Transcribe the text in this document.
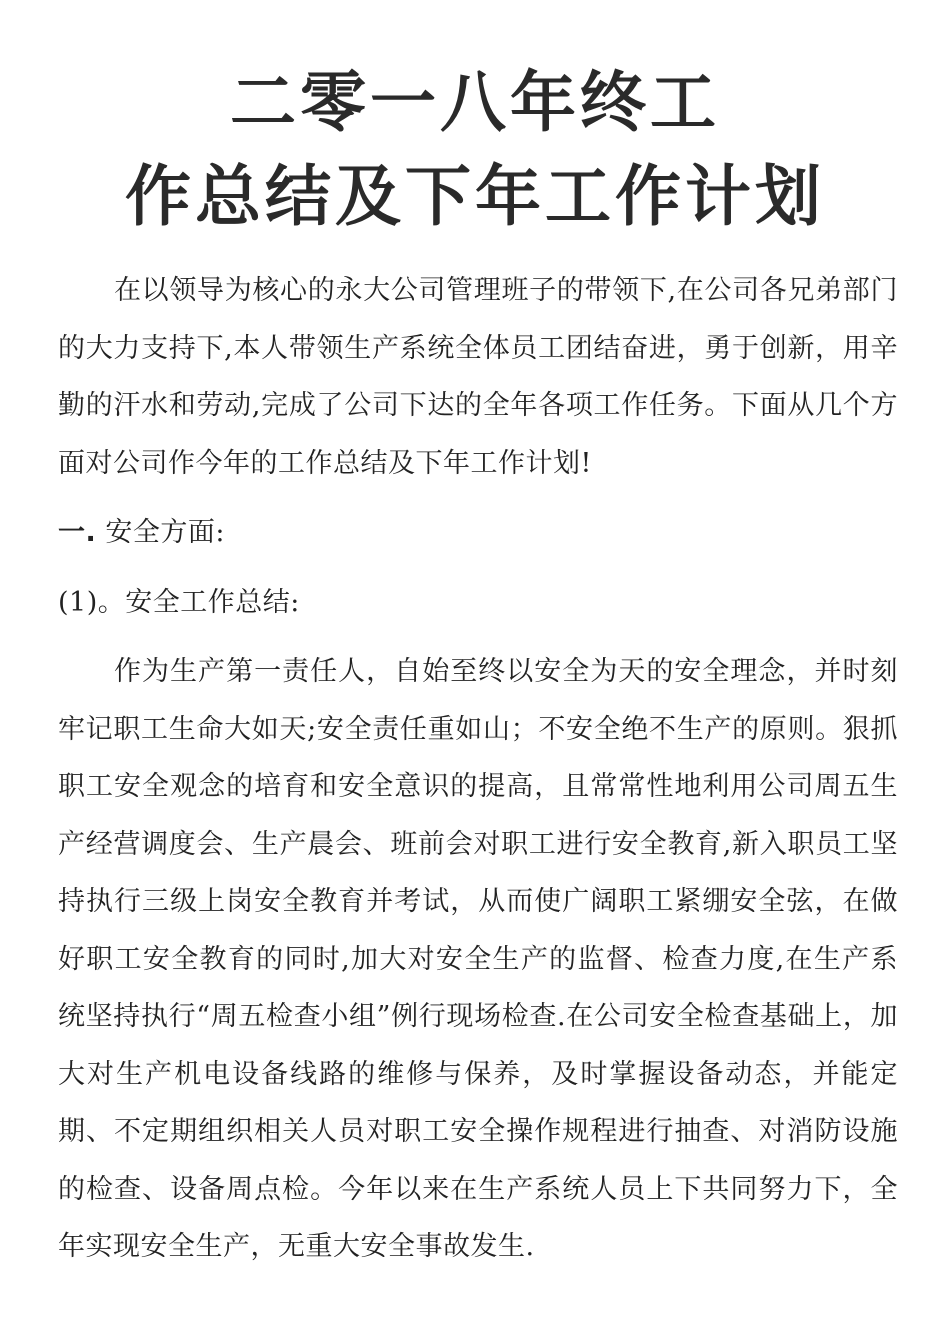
二零一八年终工
作总结及下年工作计划

在以领导为核心的永大公司管理班子的带领下,在公司各兄弟部门的大力支持下,本人带领生产系统全体员工团结奋进，勇于创新，用辛勤的汗水和劳动,完成了公司下达的全年各项工作任务。下面从几个方面对公司作今年的工作总结及下年工作计划!

一. 安全方面:
(1)。安全工作总结:

作为生产第一责任人，自始至终以安全为天的安全理念，并时刻牢记职工生命大如天;安全责任重如山；不安全绝不生产的原则。狠抓职工安全观念的培育和安全意识的提高，且常常性地利用公司周五生产经营调度会、生产晨会、班前会对职工进行安全教育,新入职员工坚持执行三级上岗安全教育并考试，从而使广阔职工紧绷安全弦，在做好职工安全教育的同时,加大对安全生产的监督、检查力度,在生产系统坚持执行“周五检查小组”例行现场检查.在公司安全检查基础上，加大对生产机电设备线路的维修与保养，及时掌握设备动态，并能定期、不定期组织相关人员对职工安全操作规程进行抽查、对消防设施的检查、设备周点检。今年以来在生产系统人员上下共同努力下，全年实现安全生产，无重大安全事故发生.
